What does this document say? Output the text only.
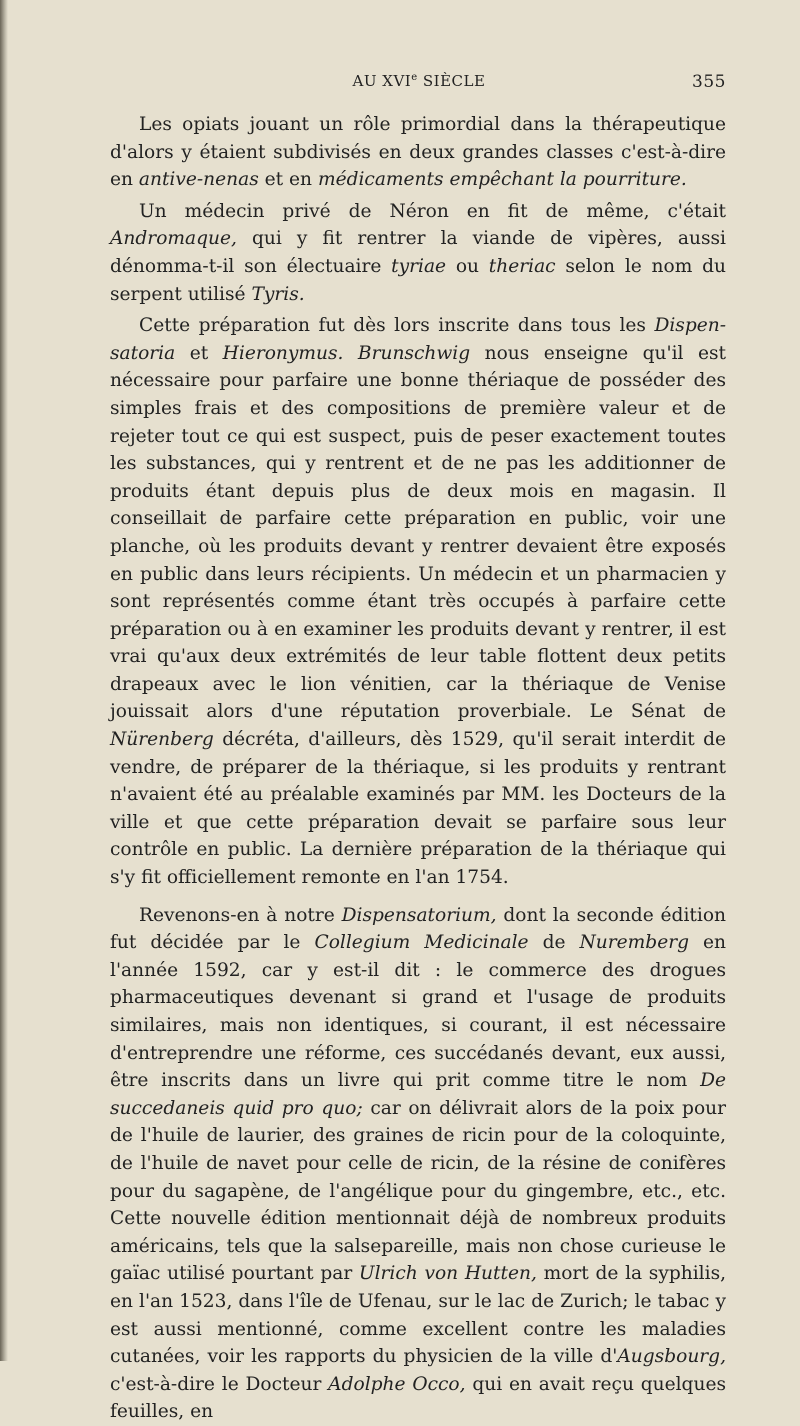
AU XVIe SIÈCLE	355

Les opiats jouant un rôle primordial dans la thérapeutique d'alors y étaient subdivisés en deux grandes classes c'est-à-dire en antive-nenas et en médicaments empêchant la pourriture.

Un médecin privé de Néron en fit de même, c'était Andromaque, qui y fit rentrer la viande de vipères, aussi dénomma-t-il son électuaire tyriae ou theriac selon le nom du serpent utilisé Tyris.

Cette préparation fut dès lors inscrite dans tous les Dispen-satoria et Hieronymus. Brunschwig nous enseigne qu'il est nécessaire pour parfaire une bonne thériaque de posséder des simples frais et des compositions de première valeur et de rejeter tout ce qui est suspect, puis de peser exactement toutes les substances, qui y rentrent et de ne pas les additionner de produits étant depuis plus de deux mois en magasin. Il conseillait de parfaire cette préparation en public, voir une planche, où les produits devant y rentrer devaient être exposés en public dans leurs récipients. Un médecin et un pharmacien y sont représentés comme étant très occupés à parfaire cette préparation ou à en examiner les produits devant y rentrer, il est vrai qu'aux deux extrémités de leur table flottent deux petits drapeaux avec le lion vénitien, car la thériaque de Venise jouissait alors d'une réputation proverbiale. Le Sénat de Nürenberg décréta, d'ailleurs, dès 1529, qu'il serait interdit de vendre, de préparer de la thériaque, si les produits y rentrant n'avaient été au préalable examinés par MM. les Docteurs de la ville et que cette préparation devait se parfaire sous leur contrôle en public. La dernière préparation de la thériaque qui s'y fit officiellement remonte en l'an 1754.

Revenons-en à notre Dispensatorium, dont la seconde édition fut décidée par le Collegium Medicinale de Nuremberg en l'année 1592, car y est-il dit : le commerce des drogues pharmaceutiques devenant si grand et l'usage de produits similaires, mais non identiques, si courant, il est nécessaire d'entreprendre une réforme, ces succédanés devant, eux aussi, être inscrits dans un livre qui prit comme titre le nom De succedaneis quid pro quo; car on délivrait alors de la poix pour de l'huile de laurier, des graines de ricin pour de la coloquinte, de l'huile de navet pour celle de ricin, de la résine de conifères pour du sagapène, de l'angélique pour du gingembre, etc., etc. Cette nouvelle édition mentionnait déjà de nombreux produits américains, tels que la salsepareille, mais non chose curieuse le gaïac utilisé pourtant par Ulrich von Hutten, mort de la syphilis, en l'an 1523, dans l'île de Ufenau, sur le lac de Zurich; le tabac y est aussi mentionné, comme excellent contre les maladies cutanées, voir les rapports du physicien de la ville d'Augsbourg, c'est-à-dire le Docteur Adolphe Occo, qui en avait reçu quelques feuilles, en
